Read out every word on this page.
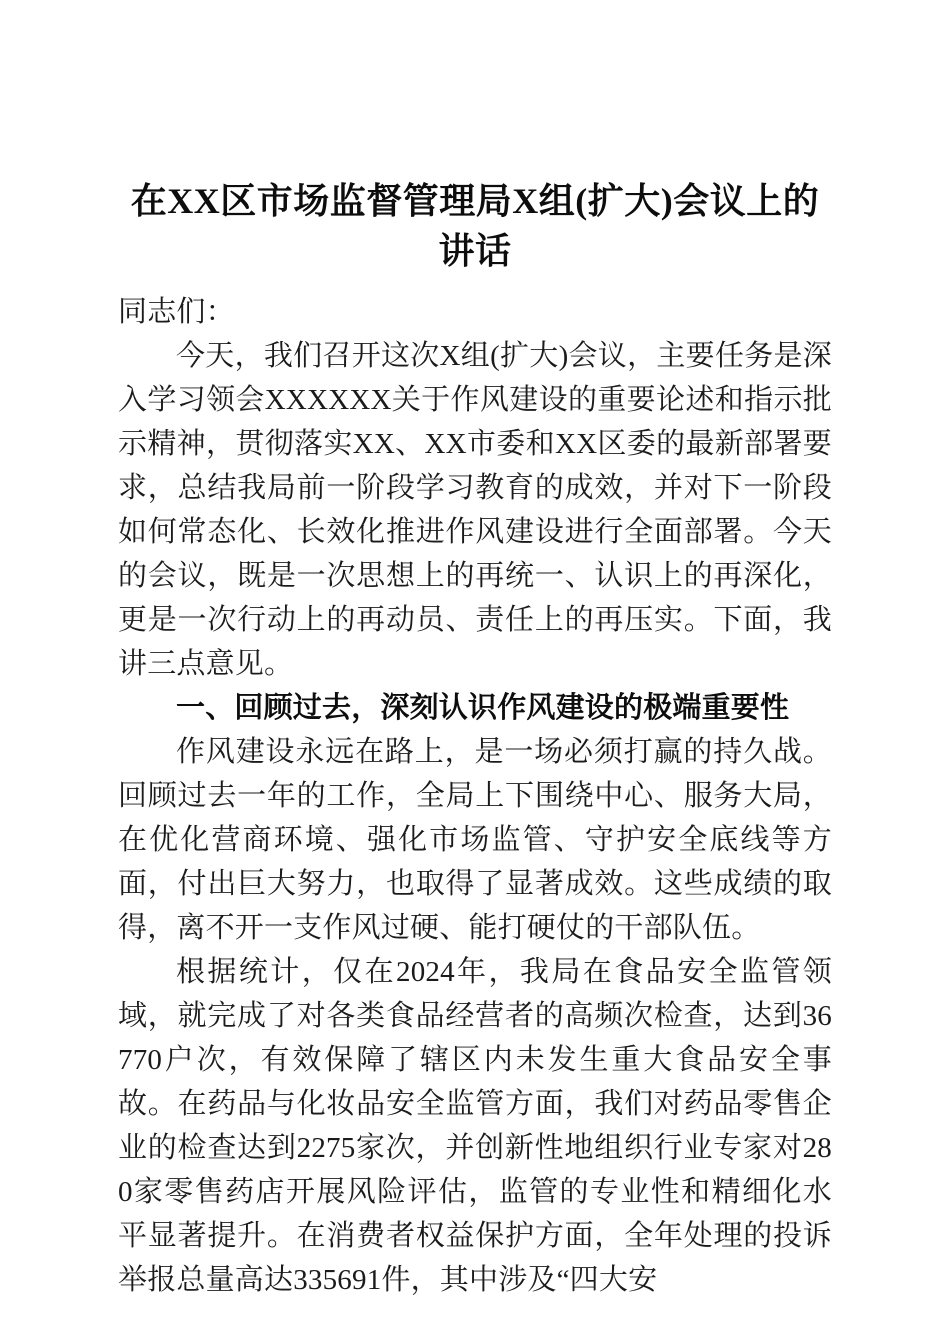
在XX区市场监督管理局X组(扩大)会议上的讲话

同志们：

今天，我们召开这次X组(扩大)会议，主要任务是深入学习领会XXXXXX关于作风建设的重要论述和指示批示精神，贯彻落实XX、XX市委和XX区委的最新部署要求，总结我局前一阶段学习教育的成效，并对下一阶段如何常态化、长效化推进作风建设进行全面部署。今天的会议，既是一次思想上的再统一、认识上的再深化，更是一次行动上的再动员、责任上的再压实。下面，我讲三点意见。

一、回顾过去，深刻认识作风建设的极端重要性

作风建设永远在路上，是一场必须打赢的持久战。回顾过去一年的工作，全局上下围绕中心、服务大局，在优化营商环境、强化市场监管、守护安全底线等方面，付出巨大努力，也取得了显著成效。这些成绩的取得，离不开一支作风过硬、能打硬仗的干部队伍。

根据统计，仅在2024年，我局在食品安全监管领域，就完成了对各类食品经营者的高频次检查，达到36770户次，有效保障了辖区内未发生重大食品安全事故。在药品与化妆品安全监管方面，我们对药品零售企业的检查达到2275家次，并创新性地组织行业专家对280家零售药店开展风险评估，监管的专业性和精细化水平显著提升。在消费者权益保护方面，全年处理的投诉举报总量高达335691件，其中涉及“四大安
